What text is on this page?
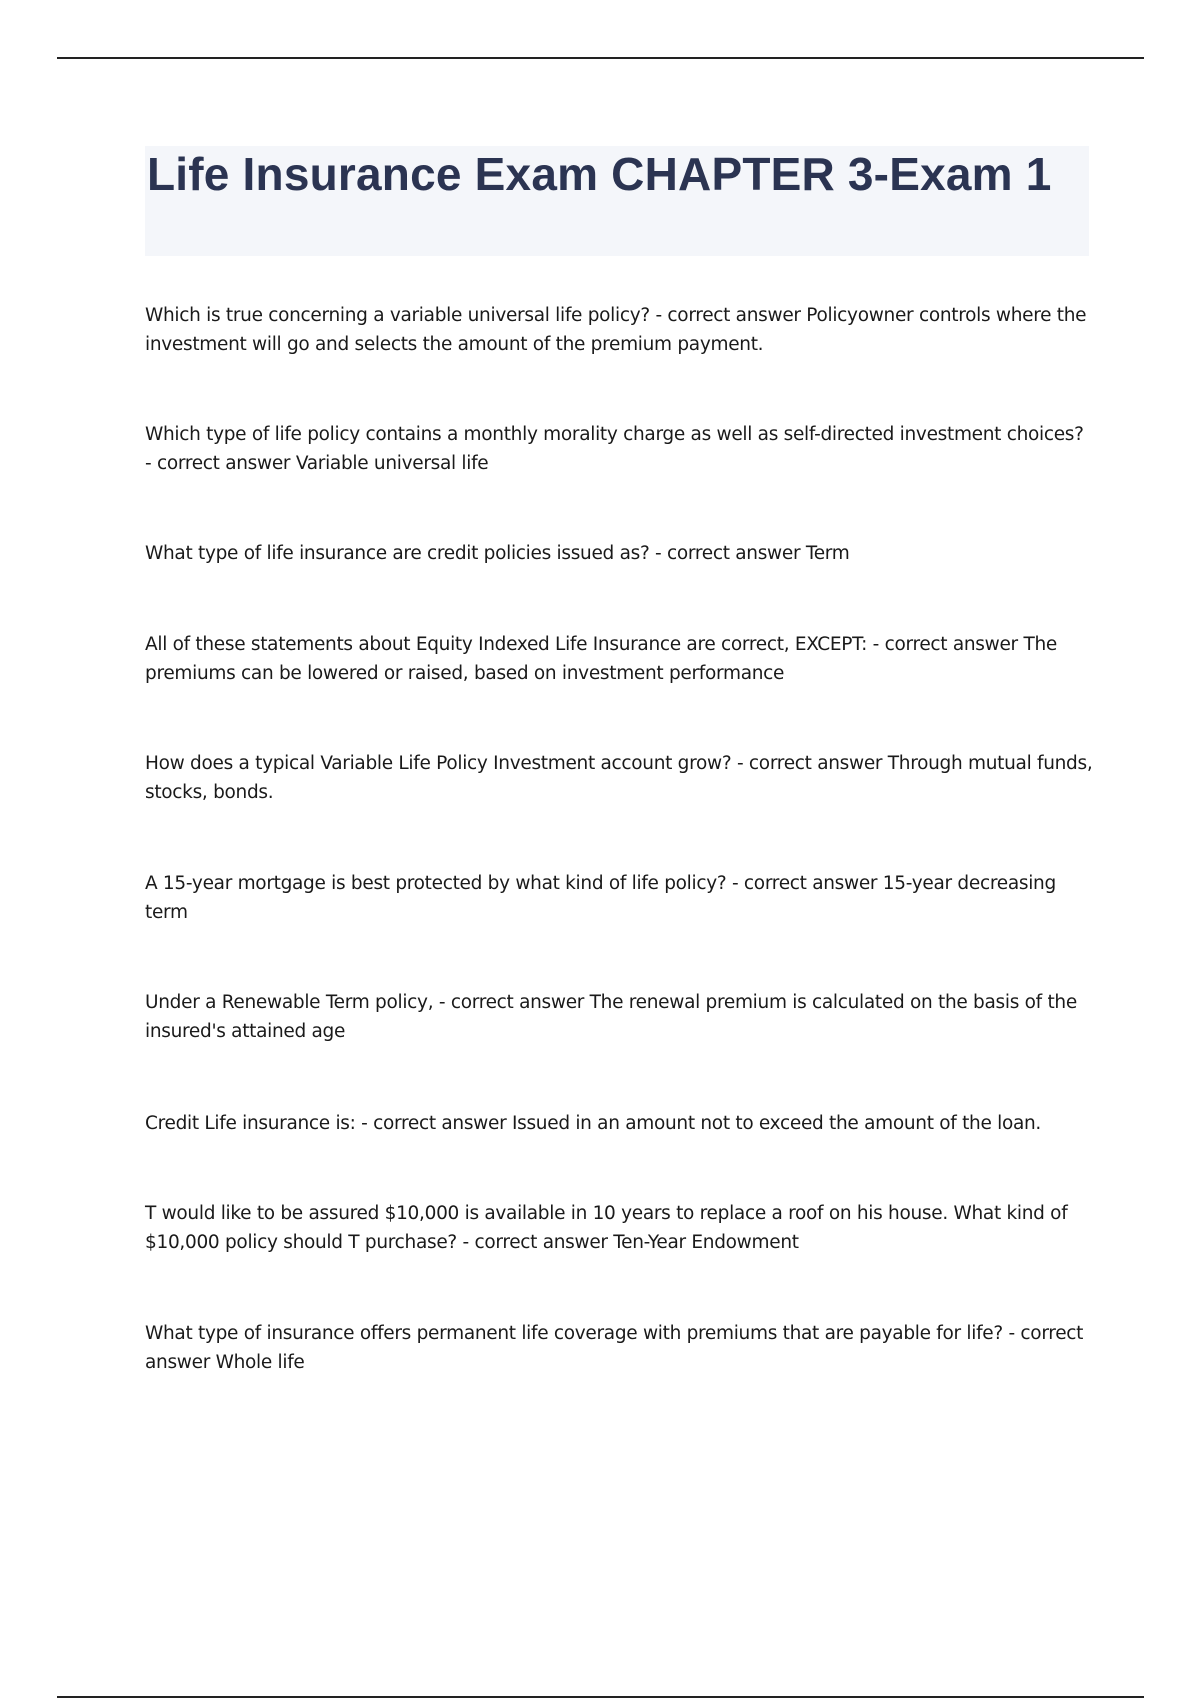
Life Insurance Exam CHAPTER 3-Exam 1
Which is true concerning a variable universal life policy? - correct answer Policyowner controls where the investment will go and selects the amount of the premium payment.
Which type of life policy contains a monthly morality charge as well as self-directed investment choices? - correct answer Variable universal life
What type of life insurance are credit policies issued as? - correct answer Term
All of these statements about Equity Indexed Life Insurance are correct, EXCEPT: - correct answer The premiums can be lowered or raised, based on investment performance
How does a typical Variable Life Policy Investment account grow? - correct answer Through mutual funds, stocks, bonds.
A 15-year mortgage is best protected by what kind of life policy? - correct answer 15-year decreasing term
Under a Renewable Term policy, - correct answer The renewal premium is calculated on the basis of the insured's attained age
Credit Life insurance is: - correct answer Issued in an amount not to exceed the amount of the loan.
T would like to be assured $10,000 is available in 10 years to replace a roof on his house. What kind of $10,000 policy should T purchase? - correct answer Ten-Year Endowment
What type of insurance offers permanent life coverage with premiums that are payable for life? - correct answer Whole life
